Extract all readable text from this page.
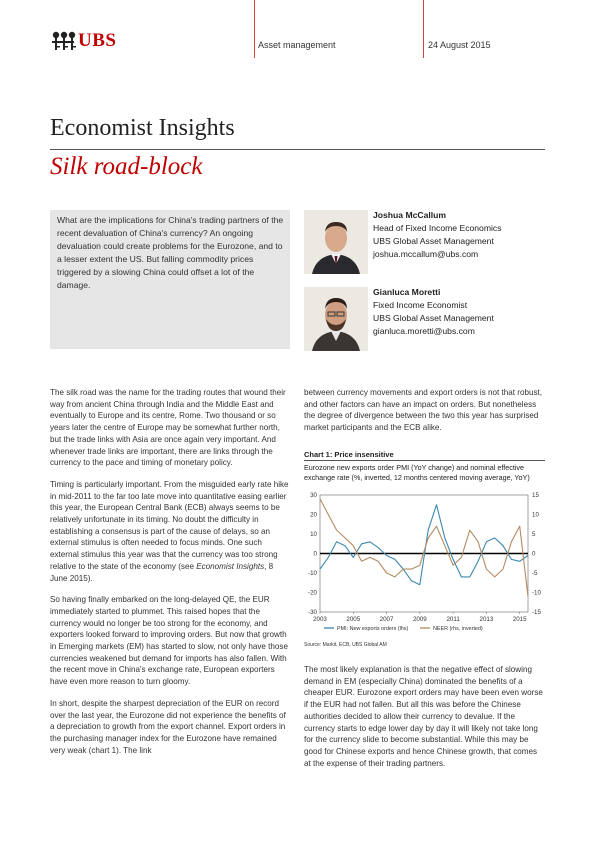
UBS	Asset management	24 August 2015
Economist Insights
Silk road-block
What are the implications for China's trading partners of the recent devaluation of China's currency? An ongoing devaluation could create problems for the Eurozone, and to a lesser extent the US. But falling commodity prices triggered by a slowing China could offset a lot of the damage.
Joshua McCallum
Head of Fixed Income Economics
UBS Global Asset Management
joshua.mccallum@ubs.com
Gianluca Moretti
Fixed Income Economist
UBS Global Asset Management
gianluca.moretti@ubs.com

The silk road was the name for the trading routes that wound their way from ancient China through India and the Middle East and eventually to Europe and its centre, Rome. Two thousand or so years later the centre of Europe may be somewhat further north, but the trade links with Asia are once again very important. And whenever trade links are important, there are links through the currency to the pace and timing of monetary policy.

Timing is particularly important. From the misguided early rate hike in mid-2011 to the far too late move into quantitative easing earlier this year, the European Central Bank (ECB) always seems to be relatively unfortunate in its timing. No doubt the difficulty in establishing a consensus is part of the cause of delays, so an external stimulus is often needed to focus minds. One such external stimulus this year was that the currency was too strong relative to the state of the economy (see Economist Insights, 8 June 2015).

So having finally embarked on the long-delayed QE, the EUR immediately started to plummet. This raised hopes that the currency would no longer be too strong for the economy, and exporters looked forward to improving orders. But now that growth in Emerging markets (EM) has started to slow, not only have those currencies weakened but demand for imports has also fallen. With the recent move in China's exchange rate, European exporters have even more reason to turn gloomy.

In short, despite the sharpest depreciation of the EUR on record over the last year, the Eurozone did not experience the benefits of a depreciation to growth from the export channel. Export orders in the purchasing manager index for the Eurozone have remained very weak (chart 1). The link

between currency movements and export orders is not that robust, and other factors can have an impact on orders. But nonetheless the degree of divergence between the two this year has surprised market participants and the ECB alike.

Chart 1: Price insensitive
Eurozone new exports order PMI (YoY change) and nominal effective exchange rate (%, inverted, 12 months centered moving average, YoY)
30
20
10
0
-10
-20
-30	-15
-10
-5
0
5
10
15
2003	2005	2007	2009	2011	2013	2015
PMI: New exports orders (lhs)	NEER (rhs, inverted)
Source: Markit, ECB, UBS Global AM

The most likely explanation is that the negative effect of slowing demand in EM (especially China) dominated the benefits of a cheaper EUR. Eurozone export orders may have been even worse if the EUR had not fallen. But all this was before the Chinese authorities decided to allow their currency to devalue. If the currency starts to edge lower day by day it will likely not take long for the currency slide to become substantial. While this may be good for Chinese exports and hence Chinese growth, that comes at the expense of their trading partners.
